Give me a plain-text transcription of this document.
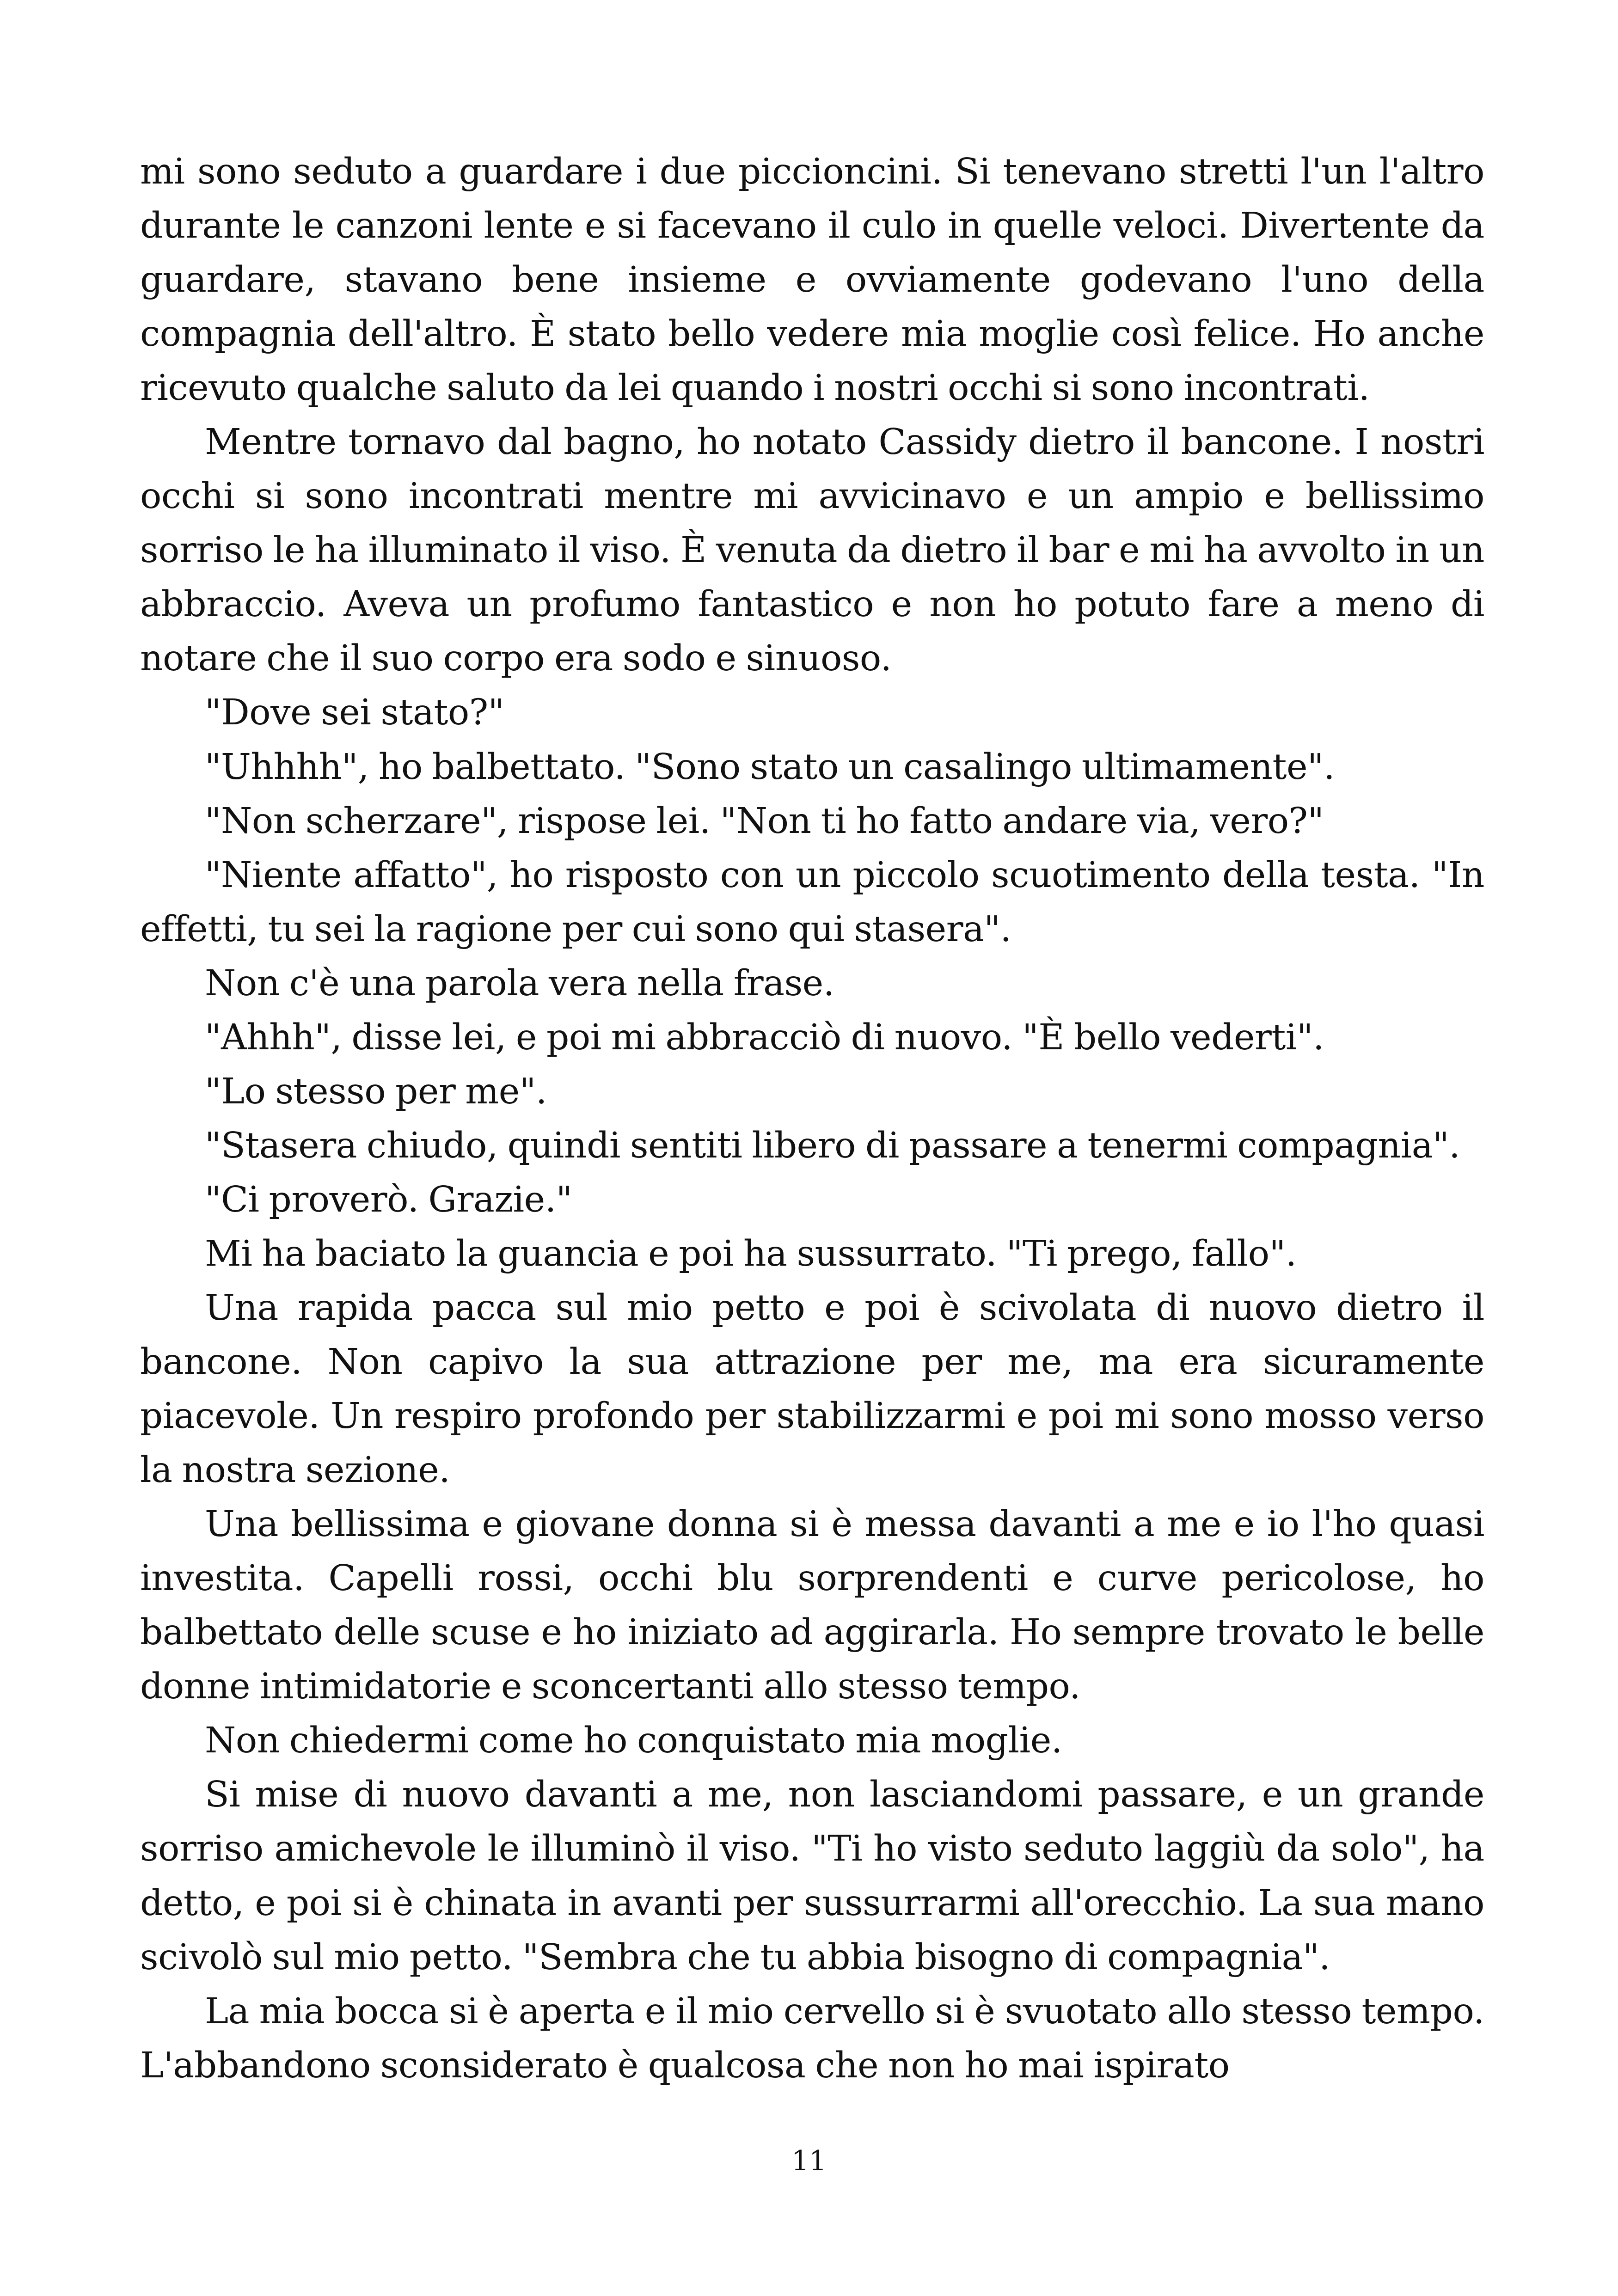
mi sono seduto a guardare i due piccioncini. Si tenevano stretti l'un l'altro durante le canzoni lente e si facevano il culo in quelle veloci. Divertente da guardare, stavano bene insieme e ovviamente godevano l'uno della compagnia dell'altro. È stato bello vedere mia moglie così felice. Ho anche ricevuto qualche saluto da lei quando i nostri occhi si sono incontrati.

Mentre tornavo dal bagno, ho notato Cassidy dietro il bancone. I nostri occhi si sono incontrati mentre mi avvicinavo e un ampio e bellissimo sorriso le ha illuminato il viso. È venuta da dietro il bar e mi ha avvolto in un abbraccio. Aveva un profumo fantastico e non ho potuto fare a meno di notare che il suo corpo era sodo e sinuoso.

"Dove sei stato?"

"Uhhhh", ho balbettato. "Sono stato un casalingo ultimamente".

"Non scherzare", rispose lei. "Non ti ho fatto andare via, vero?"

"Niente affatto", ho risposto con un piccolo scuotimento della testa. "In effetti, tu sei la ragione per cui sono qui stasera".

Non c'è una parola vera nella frase.

"Ahhh", disse lei, e poi mi abbracciò di nuovo. "È bello vederti".

"Lo stesso per me".

"Stasera chiudo, quindi sentiti libero di passare a tenermi compagnia".

"Ci proverò. Grazie."

Mi ha baciato la guancia e poi ha sussurrato. "Ti prego, fallo".

Una rapida pacca sul mio petto e poi è scivolata di nuovo dietro il bancone. Non capivo la sua attrazione per me, ma era sicuramente piacevole. Un respiro profondo per stabilizzarmi e poi mi sono mosso verso la nostra sezione.

Una bellissima e giovane donna si è messa davanti a me e io l'ho quasi investita. Capelli rossi, occhi blu sorprendenti e curve pericolose, ho balbettato delle scuse e ho iniziato ad aggirarla. Ho sempre trovato le belle donne intimidatorie e sconcertanti allo stesso tempo.

Non chiedermi come ho conquistato mia moglie.

Si mise di nuovo davanti a me, non lasciandomi passare, e un grande sorriso amichevole le illuminò il viso. "Ti ho visto seduto laggiù da solo", ha detto, e poi si è chinata in avanti per sussurrarmi all'orecchio. La sua mano scivolò sul mio petto. "Sembra che tu abbia bisogno di compagnia".

La mia bocca si è aperta e il mio cervello si è svuotato allo stesso tempo. L'abbandono sconsiderato è qualcosa che non ho mai ispirato

11
